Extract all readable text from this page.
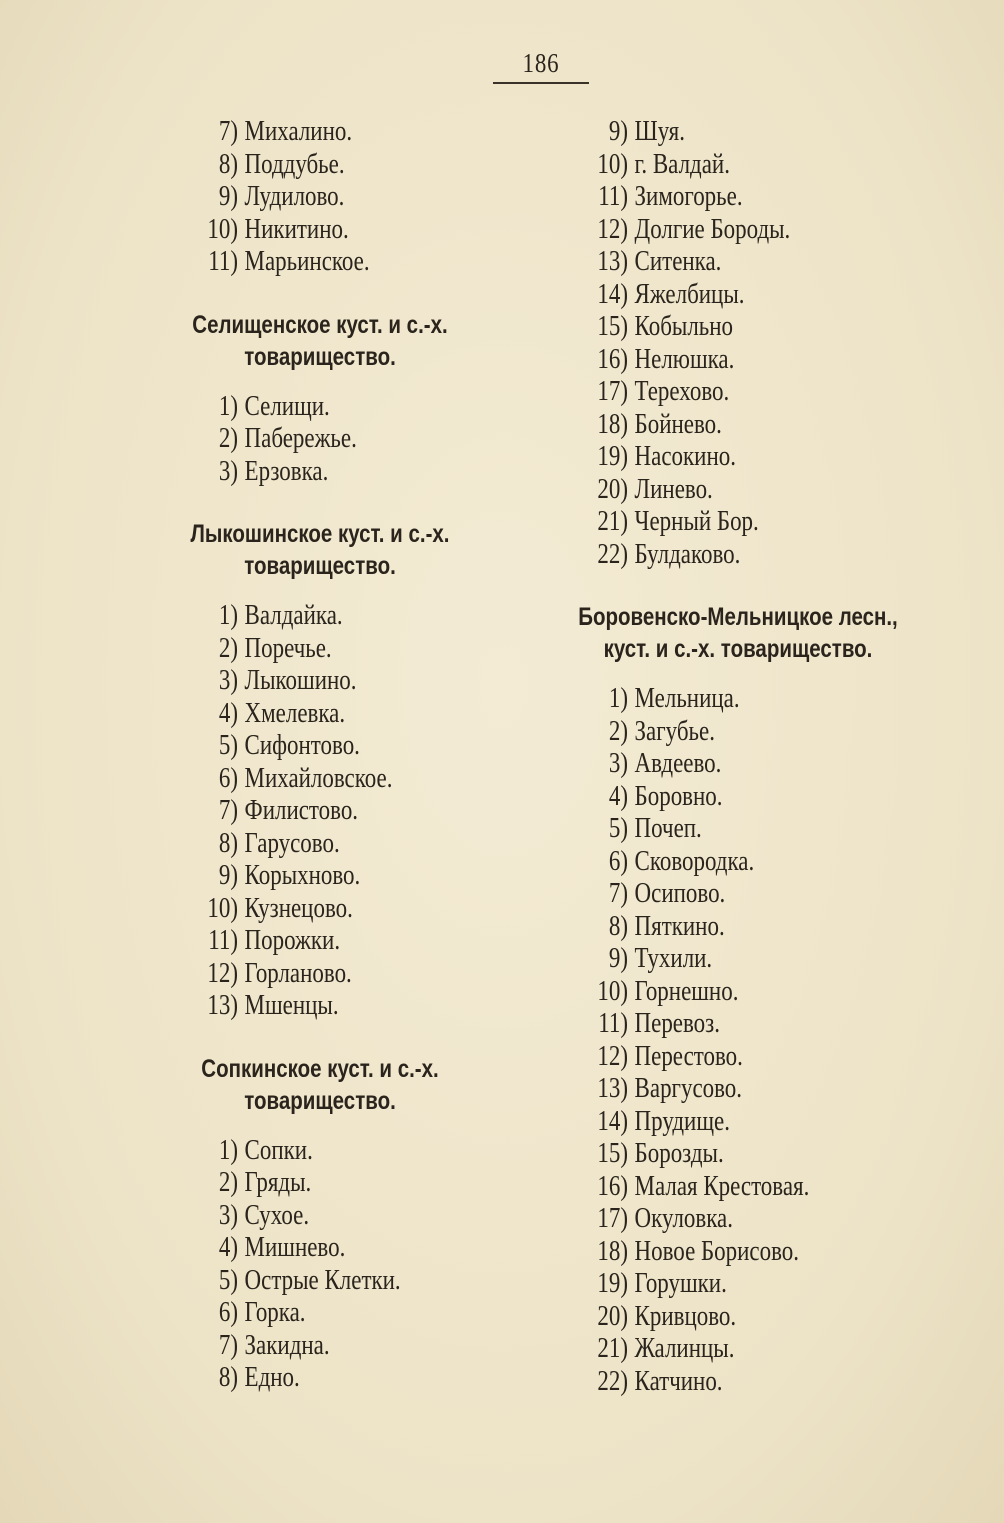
186
7) Михалино.
8) Поддубье.
9) Лудилово.
10) Никитино.
11) Марьинское.
Селищенское куст. и с.-х.
товарищество.
1) Селищи.
2) Пабережье.
3) Ерзовка.
Лыкошинское куст. и с.-х.
товарищество.
1) Валдайка.
2) Поречье.
3) Лыкошино.
4) Хмелевка.
5) Сифонтово.
6) Михайловское.
7) Филистово.
8) Гарусово.
9) Корыхново.
10) Кузнецово.
11) Порожки.
12) Горланово.
13) Мшенцы.
Сопкинское куст. и с.-х.
товарищество.
1) Сопки.
2) Гряды.
3) Сухое.
4) Мишнево.
5) Острые Клетки.
6) Горка.
7) Закидна.
8) Едно.
9) Шуя.
10) г. Валдай.
11) Зимогорье.
12) Долгие Бороды.
13) Ситенка.
14) Яжелбицы.
15) Кобыльно
16) Нелюшка.
17) Терехово.
18) Бойнево.
19) Насокино.
20) Линево.
21) Черный Бор.
22) Булдаково.
Боровенско-Мельницкое лесн.,
куст. и с.-х. товарищество.
1) Мельница.
2) Загубье.
3) Авдеево.
4) Боровно.
5) Почеп.
6) Сковородка.
7) Осипово.
8) Пяткино.
9) Тухили.
10) Горнешно.
11) Перевоз.
12) Перестово.
13) Варгусово.
14) Прудище.
15) Борозды.
16) Малая Крестовая.
17) Окуловка.
18) Новое Борисово.
19) Горушки.
20) Кривцово.
21) Жалинцы.
22) Катчино.
